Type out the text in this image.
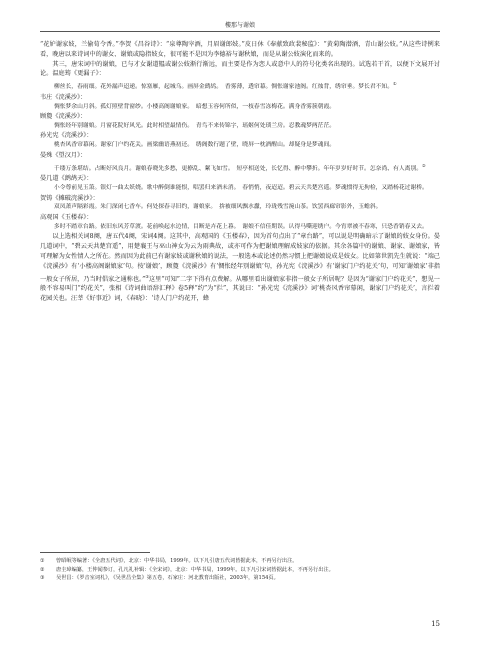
樓那与谢娘

“花妒谢家妓，兰偷荀令香。”李贺《昌谷诗》：“泉尊陶宰酒，月眉谢郎妓。”皮日休《奉献致政裴秘监》：“黄菊陶潜酒，青山谢公妓。”从这些诗例来看，晚唐以来诗词中的谢女、谢娘或隐指妓女，很可能不是因为李德裕与谢秋娘，而是从谢公妓演化而来的。

其三，唐宋词中的谢娘，已与才女谢道韫或谢公妓渐行渐远，而主要是作为恋人或意中人的符号化类名出现的。试选若干首，以便下文展开讨论。温庭筠《更漏子》：

柳丝长，春雨细。花外漏声迢递。惊塞雁，起城乌。画屏金鹧鸪。　香雾薄，透帘幕。惆怅谢家池阁。红烛背，绣帘垂。梦长君不知。①

韦庄《浣溪沙》：

惆怅梦余山月斜。孤灯照壁背窗纱。小楼高阁谢娘家。　暗想玉容何所似，一枝春雪冻梅花。满身香雾簇朝霞。

顾敻《浣溪沙》：

惆怅经年别谢娘。月窗花院好风光。此时相望最情伤。　青鸟不来传锦字，瑶姬何处琐兰房。忍教魂梦两茫茫。

孙光宪《浣溪沙》：

桃杏风香帘幕闲。谢家门户约花关。画梁幽语燕初还。　绣阁数行题了壁，晓屏一枕酒醒山。却疑身是梦魂间。

晏殊《望汉月》：

千缕万条堪结。占断好风良月。谢娘春晓先多愁，更撩乱、絮飞如雪。　短亭相送处，长忆得、醉中攀折。年年岁岁好时节。怎奈尚、有人离别。②

晏几道《鹧鸪天》：

小令尊前见玉箫。银灯一曲太妖娆。歌中醉倒谁能恨，唱罢归来酒未消。　春悄悄，夜迢迢。碧云天共楚宫遥。梦魂惯得无拘检，又踏杨花过谢桥。

贺铸《摊破浣溪沙》：

双凤萧声隔彩霞。朱门深闭七香车。何处探春寻旧约，谢娘家。　拚被细风飘水纛，玲珑残雪涴山茶。饮罢西廊帘影外，玉蟾斜。

高观国《玉楼春》：

多时不踏章台路。依旧东风芳草渡。花前唤起水边情，目断是卉花上暮。　谢娘不信佳期误。认得马嘶迎绣户。今宵翠被不春寒，只恐香销春又去。

以上选相关词8阕，唐五代4阕，宋词4阕。这其中，高观国的《玉楼春》，因为首句点出了“章台路”，可以说是明确暗示了谢娘的妓女身份。晏几道词中，“碧云天共楚宫遥”，用楚襄王与巫山神女为云为雨典故，或亦可作为把谢娘理解成妓家的依据。其余各篇中的谢娘、谢家、谢娘家，皆可理解为女性情人之所在。然而因为此前已有谢家妓或谢秋娘的说法，一般选本或论述仍然习惯上把谢娘说成是妓女。比如第世凯先生就说：“端己《浣溪沙》有‘小楼高阁谢娘家’句。按‘谢娘’，顾敻《浣溪沙》有‘惆怅经年别谢娘’句，孙光宪《浣溪沙》有‘谢家门户约花关’句，可知‘谢娘家’非指一般女子所居，乃当时倡家之通称也。”③这里“可知”二字下得有点费解。从哪里看出谢娘家非指一般女子所居呢？是因为“谢家门户约花关”，想见一般不容易叫门“约花关”，张相《诗词曲语辞汇释》卷5释“约”为“拦”，其说曰：“孙光宪《浣溪沙》词‘桃杏风香帘幕闲，谢家门户约花关’，言拦着花园关也。汪莘《好事近》词，《春晓》：‘诗人门户约花开，蜂

①	曾昭岷等编著：《全唐五代词》，北京：中华书局，1999年。以下凡引唐五代词皆据此本，不再另行出注。

②	唐圭璋编纂，王仲闻参订，孔凡礼补辑：《全宋词》，北京：中华书局，1999年。以下凡引宋词皆据此本，不再另行出注。

③	吴世昌：《罗音室词札》，《吴世昌全集》第五卷，石家庄：河北教育出版社，2003年，第154页。

15
